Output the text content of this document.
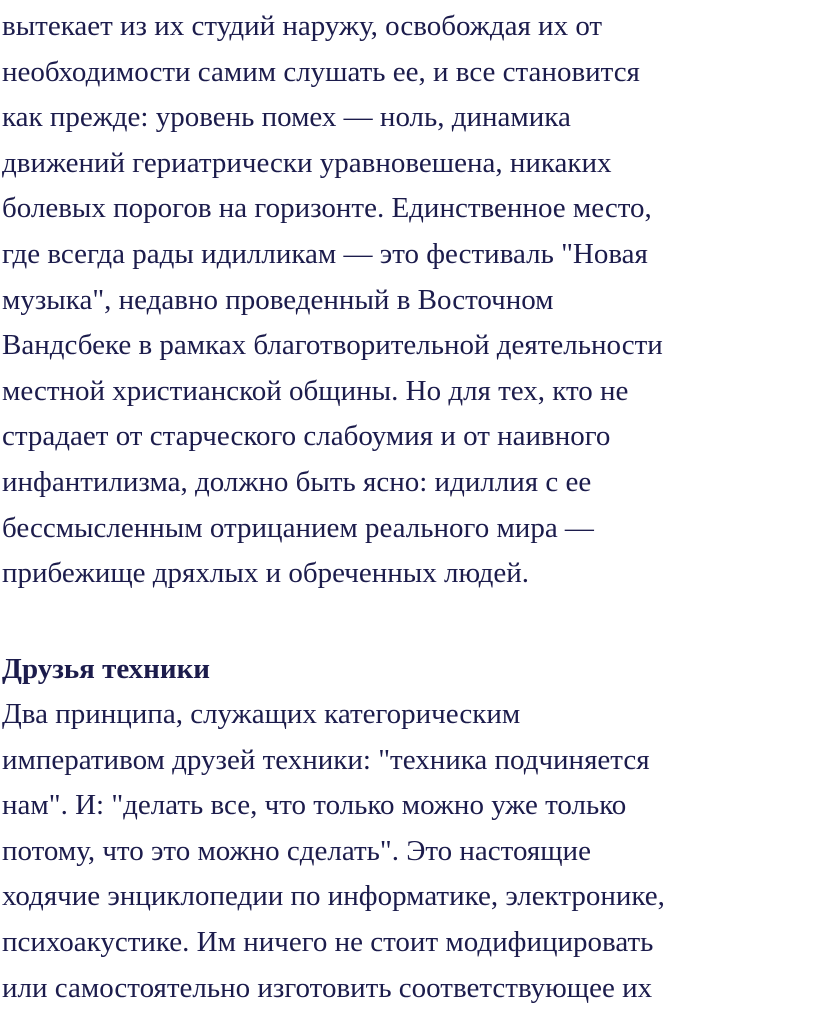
вытекает из их студий наружу, освобождая их от
необходимости самим слушать ее, и все становится
как прежде: уровень помех — ноль, динамика
движений гериатрически уравновешена, никаких
болевых порогов на горизонте. Единственное место,
где всегда рады идилликам — это фестиваль "Новая
музыка", недавно проведенный в Восточном
Вандсбеке в рамках благотворительной деятельности
местной христианской общины. Но для тех, кто не
страдает от старческого слабоумия и от наивного
инфантилизма, должно быть ясно: идиллия с ее
бессмысленным отрицанием реального мира —
прибежище дряхлых и обреченных людей.
Друзья техники
Два принципа, служащих категорическим
императивом друзей техники: "техника подчиняется
нам". И: "делать все, что только можно уже только
потому, что это можно сделать". Это настоящие
ходячие энциклопедии по информатике, электронике,
психоакустике. Им ничего не стоит модифицировать
или самостоятельно изготовить соответствующее их
